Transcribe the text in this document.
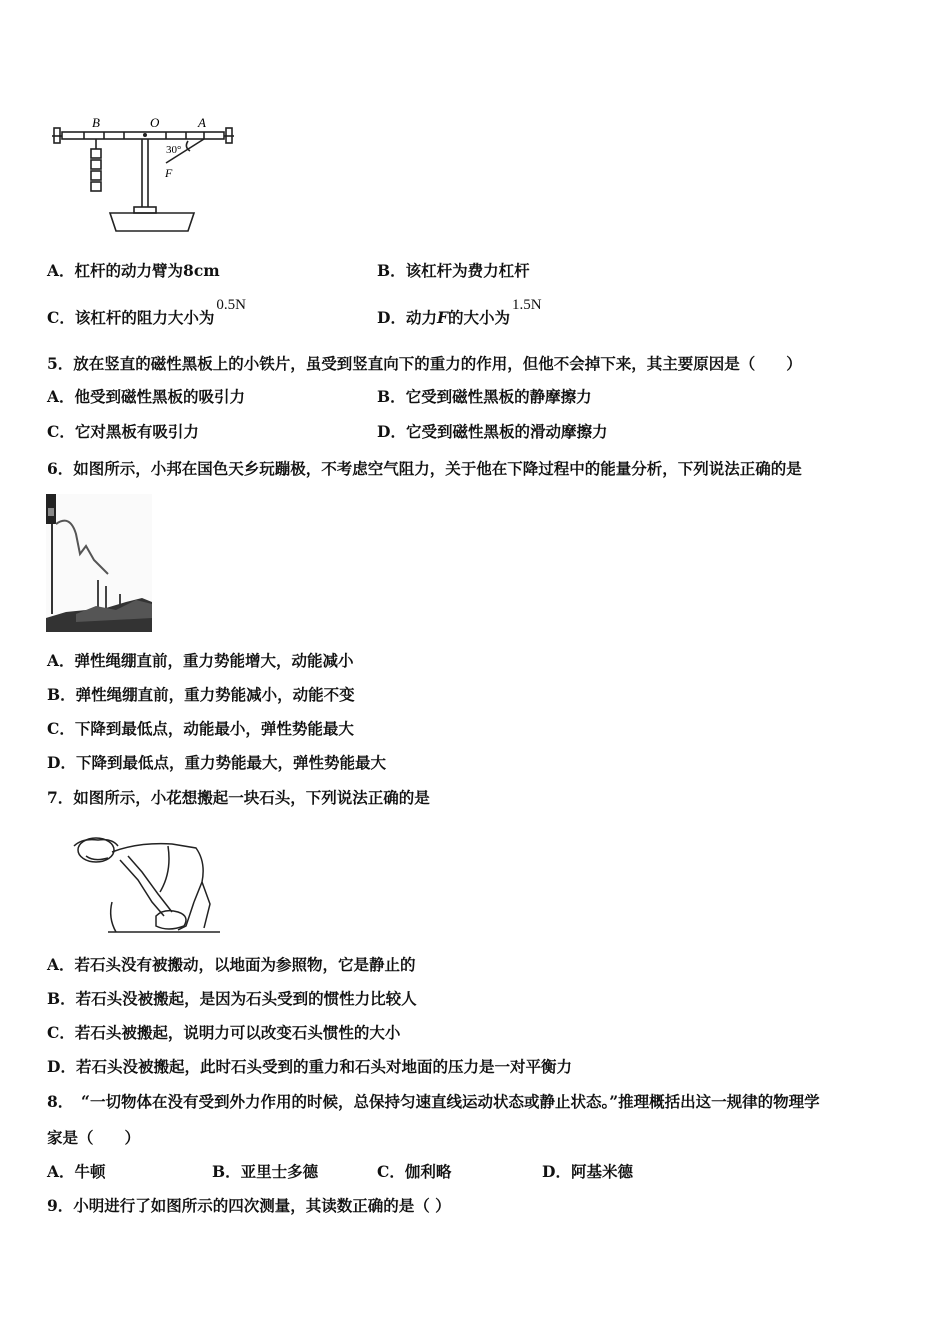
B	O	A
30°
F
A．杠杆的动力臂为8cm	B．该杠杆为费力杠杆
C．该杠杆的阻力大小为0.5N
D．动力F的大小为1.5N
5．放在竖直的磁性黑板上的小铁片，虽受到竖直向下的重力的作用，但他不会掉下来，其主要原因是（　　）
A．他受到磁性黑板的吸引力	B．它受到磁性黑板的静摩擦力
C．它对黑板有吸引力	D．它受到磁性黑板的滑动摩擦力
6．如图所示，小邦在国色天乡玩蹦极，不考虑空气阻力，关于他在下降过程中的能量分析，下列说法正确的是
A．弹性绳绷直前，重力势能增大，动能减小
B．弹性绳绷直前，重力势能减小，动能不变
C．下降到最低点，动能最小，弹性势能最大
D．下降到最低点，重力势能最大，弹性势能最大
7．如图所示，小花想搬起一块石头，下列说法正确的是
A．若石头没有被搬动，以地面为参照物，它是静止的
B．若石头没被搬起，是因为石头受到的惯性力比较人
C．若石头被搬起，说明力可以改变石头惯性的大小
D．若石头没被搬起，此时石头受到的重力和石头对地面的压力是一对平衡力
8．　“一切物体在没有受到外力作用的时候，总保持匀速直线运动状态或静止状态。”推理概括出这一规律的物理学
家是（　　）
A．牛顿	B．亚里士多德	C．伽利略	D．阿基米德
9．小明进行了如图所示的四次测量，其读数正确的是（ ）
